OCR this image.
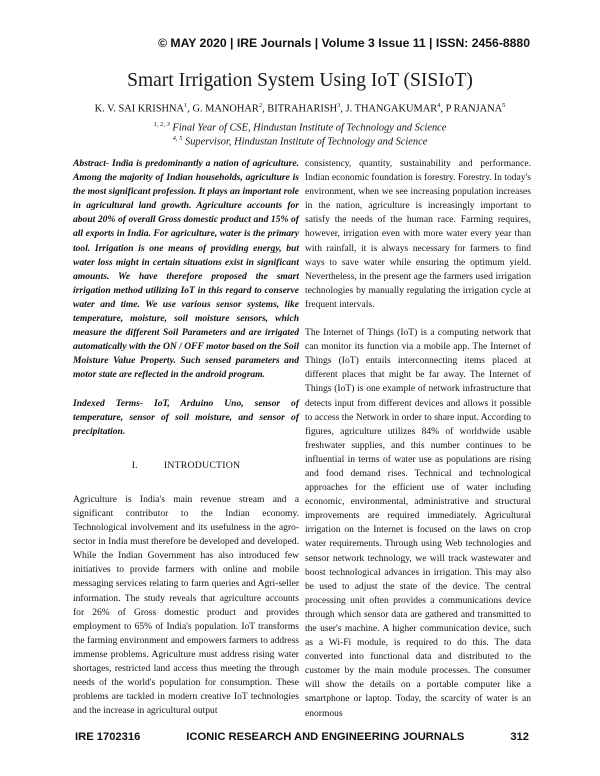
© MAY 2020 | IRE Journals | Volume 3 Issue 11 | ISSN: 2456-8880
Smart Irrigation System Using IoT (SISIoT)
K. V. SAI KRISHNA$^1$, G. MANOHAR$^2$, BITRAHARISH$^3$, J. THANGAKUMAR$^4$, P RANJANA$^5$
$^{1, 2, 3}$ Final Year of CSE, Hindustan Institute of Technology and Science
$^{4, 5}$ Supervisor, Hindustan Institute of Technology and Science

Abstract- India is predominantly a nation of agriculture. Among the majority of Indian households, agriculture is the most significant profession. It plays an important role in agricultural land growth. Agriculture accounts for about 20% of overall Gross domestic product and 15% of all exports in India. For agriculture, water is the primary tool. Irrigation is one means of providing energy, but water loss might in certain situations exist in significant amounts. We have therefore proposed the smart irrigation method utilizing IoT in this regard to conserve water and time. We use various sensor systems, like temperature, moisture, soil moisture sensors, which measure the different Soil Parameters and are irrigated automatically with the ON / OFF motor based on the Soil Moisture Value Property. Such sensed parameters and motor state are reflected in the android program.

Indexed Terms- IoT, Arduino Uno, sensor of temperature, sensor of soil moisture, and sensor of precipitation.

I.	INTRODUCTION

Agriculture is India's main revenue stream and a significant contributor to the Indian economy. Technological involvement and its usefulness in the agro-sector in India must therefore be developed and developed. While the Indian Government has also introduced few initiatives to provide farmers with online and mobile messaging services relating to farm queries and Agri-seller information. The study reveals that agriculture accounts for 26% of Gross domestic product and provides employment to 65% of India's population. IoT transforms the farming environment and empowers farmers to address immense problems. Agriculture must address rising water shortages, restricted land access thus meeting the through needs of the world's population for consumption. These problems are tackled in modern creative IoT technologies and the increase in agricultural output

consistency, quantity, sustainability and performance. Indian economic foundation is forestry. Forestry. In today's environment, when we see increasing population increases in the nation, agriculture is increasingly important to satisfy the needs of the human race. Farming requires, however, irrigation even with more water every year than with rainfall, it is always necessary for farmers to find ways to save water while ensuring the optimum yield. Nevertheless, in the present age the farmers used irrigation technologies by manually regulating the irrigation cycle at frequent intervals.

The Internet of Things (IoT) is a computing network that can monitor its function via a mobile app. The Internet of Things (IoT) entails interconnecting items placed at different places that might be far away. The Internet of Things (IoT) is one example of network infrastructure that detects input from different devices and allows it possible to access the Network in order to share input. According to figures, agriculture utilizes 84% of worldwide usable freshwater supplies, and this number continues to be influential in terms of water use as populations are rising and food demand rises. Technical and technological approaches for the efficient use of water including economic, environmental, administrative and structural improvements are required immediately. Agricultural irrigation on the Internet is focused on the laws on crop water requirements. Through using Web technologies and sensor network technology, we will track wastewater and boost technological advances in irrigation. This may also be used to adjust the state of the device. The central processing unit often provides a communications device through which sensor data are gathered and transmitted to the user's machine. A higher communication device, such as a Wi-Fi module, is required to do this. The data converted into functional data and distributed to the customer by the main module processes. The consumer will show the details on a portable computer like a smartphone or laptop. Today, the scarcity of water is an enormous

IRE 1702316	ICONIC RESEARCH AND ENGINEERING JOURNALS	312
